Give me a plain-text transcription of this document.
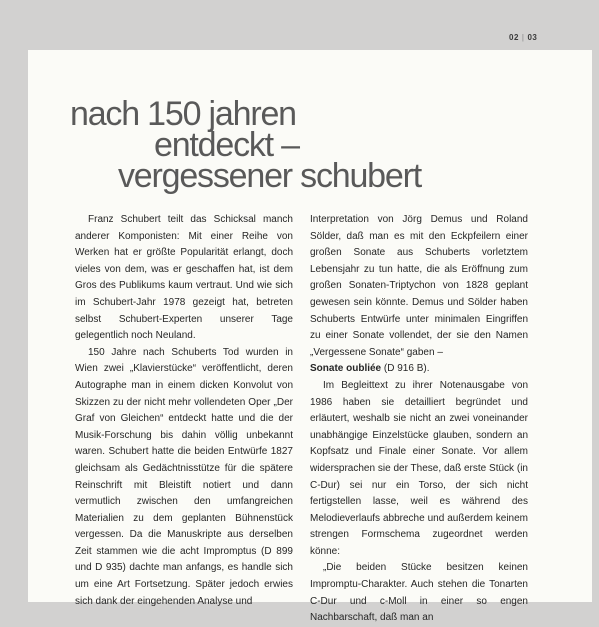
02 | 03
nach 150 jahren
entdeckt –
vergessener schubert

Franz Schubert teilt das Schicksal manch anderer Komponisten: Mit einer Reihe von Werken hat er größte Popularität erlangt, doch vieles von dem, was er geschaffen hat, ist dem Gros des Publikums kaum vertraut. Und wie sich im Schubert-Jahr 1978 gezeigt hat, betreten selbst Schubert-Experten unserer Tage gelegentlich noch Neuland.

150 Jahre nach Schuberts Tod wurden in Wien zwei „Klavierstücke“ veröffentlicht, deren Autographe man in einem dicken Konvolut von Skizzen zu der nicht mehr vollendeten Oper „Der Graf von Gleichen“ entdeckt hatte und die der Musik-Forschung bis dahin völlig unbekannt waren. Schubert hatte die beiden Entwürfe 1827 gleichsam als Gedächtnisstütze für die spätere Reinschrift mit Bleistift notiert und dann vermutlich zwischen den umfangreichen Materialien zu dem geplanten Bühnenstück vergessen. Da die Manuskripte aus derselben Zeit stammen wie die acht Impromptus (D 899 und D 935) dachte man anfangs, es handle sich um eine Art Fortsetzung. Später jedoch erwies sich dank der eingehenden Analyse und

Interpretation von Jörg Demus und Roland Sölder, daß man es mit den Eckpfeilern einer großen Sonate aus Schuberts vorletztem Lebensjahr zu tun hatte, die als Eröffnung zum großen Sonaten-Triptychon von 1828 geplant gewesen sein könnte. Demus und Sölder haben Schuberts Entwürfe unter minimalen Eingriffen zu einer Sonate vollendet, der sie den Namen „Vergessene Sonate“ gaben –
Sonate oubliée (D 916 B).

Im Begleittext zu ihrer Notenausgabe von 1986 haben sie detailliert begründet und erläutert, weshalb sie nicht an zwei voneinander unabhängige Einzelstücke glauben, sondern an Kopfsatz und Finale einer Sonate. Vor allem widersprachen sie der These, daß erste Stück (in C-Dur) sei nur ein Torso, der sich nicht fertigstellen lasse, weil es während des Melodieverlaufs abbreche und außerdem keinem strengen Formschema zugeordnet werden könne:

„Die beiden Stücke besitzen keinen Impromptu-Charakter. Auch stehen die Tonarten C-Dur und c-Moll in einer so engen Nachbarschaft, daß man an
